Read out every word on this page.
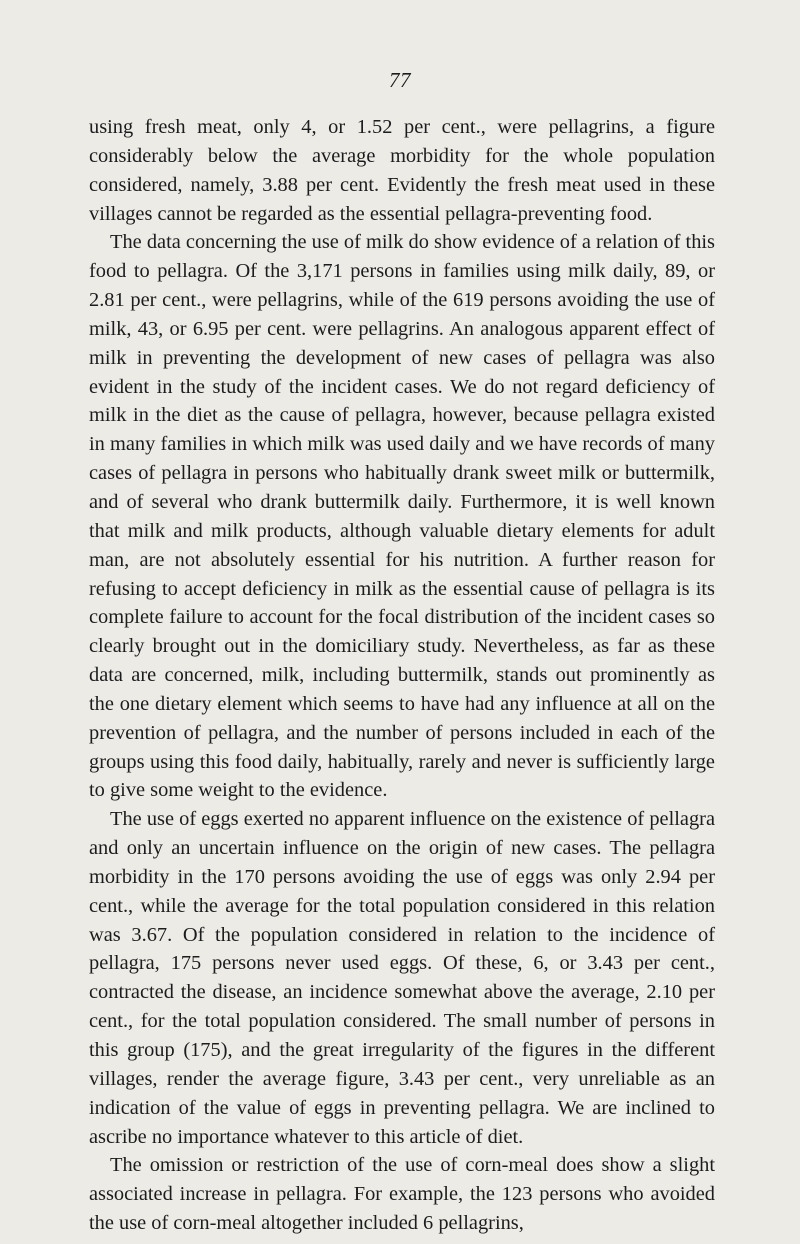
77

using fresh meat, only 4, or 1.52 per cent., were pellagrins, a figure considerably below the average morbidity for the whole population considered, namely, 3.88 per cent. Evidently the fresh meat used in these villages cannot be regarded as the essential pellagra-preventing food.

The data concerning the use of milk do show evidence of a relation of this food to pellagra. Of the 3,171 persons in families using milk daily, 89, or 2.81 per cent., were pellagrins, while of the 619 persons avoiding the use of milk, 43, or 6.95 per cent. were pellagrins. An analogous apparent effect of milk in preventing the development of new cases of pellagra was also evident in the study of the incident cases. We do not regard deficiency of milk in the diet as the cause of pellagra, however, because pellagra existed in many families in which milk was used daily and we have records of many cases of pellagra in persons who habitually drank sweet milk or buttermilk, and of several who drank buttermilk daily. Furthermore, it is well known that milk and milk products, although valuable dietary elements for adult man, are not absolutely essential for his nutrition. A further reason for refusing to accept deficiency in milk as the essential cause of pellagra is its complete failure to account for the focal distribution of the incident cases so clearly brought out in the domiciliary study. Nevertheless, as far as these data are concerned, milk, including buttermilk, stands out prominently as the one dietary element which seems to have had any influence at all on the prevention of pellagra, and the number of persons included in each of the groups using this food daily, habitually, rarely and never is sufficiently large to give some weight to the evidence.

The use of eggs exerted no apparent influence on the existence of pellagra and only an uncertain influence on the origin of new cases. The pellagra morbidity in the 170 persons avoiding the use of eggs was only 2.94 per cent., while the average for the total population considered in this relation was 3.67. Of the population considered in relation to the incidence of pellagra, 175 persons never used eggs. Of these, 6, or 3.43 per cent., contracted the disease, an incidence somewhat above the average, 2.10 per cent., for the total population considered. The small number of persons in this group (175), and the great irregularity of the figures in the different villages, render the average figure, 3.43 per cent., very unreliable as an indication of the value of eggs in preventing pellagra. We are inclined to ascribe no importance whatever to this article of diet.

The omission or restriction of the use of corn-meal does show a slight associated increase in pellagra. For example, the 123 persons who avoided the use of corn-meal altogether included 6 pellagrins,
